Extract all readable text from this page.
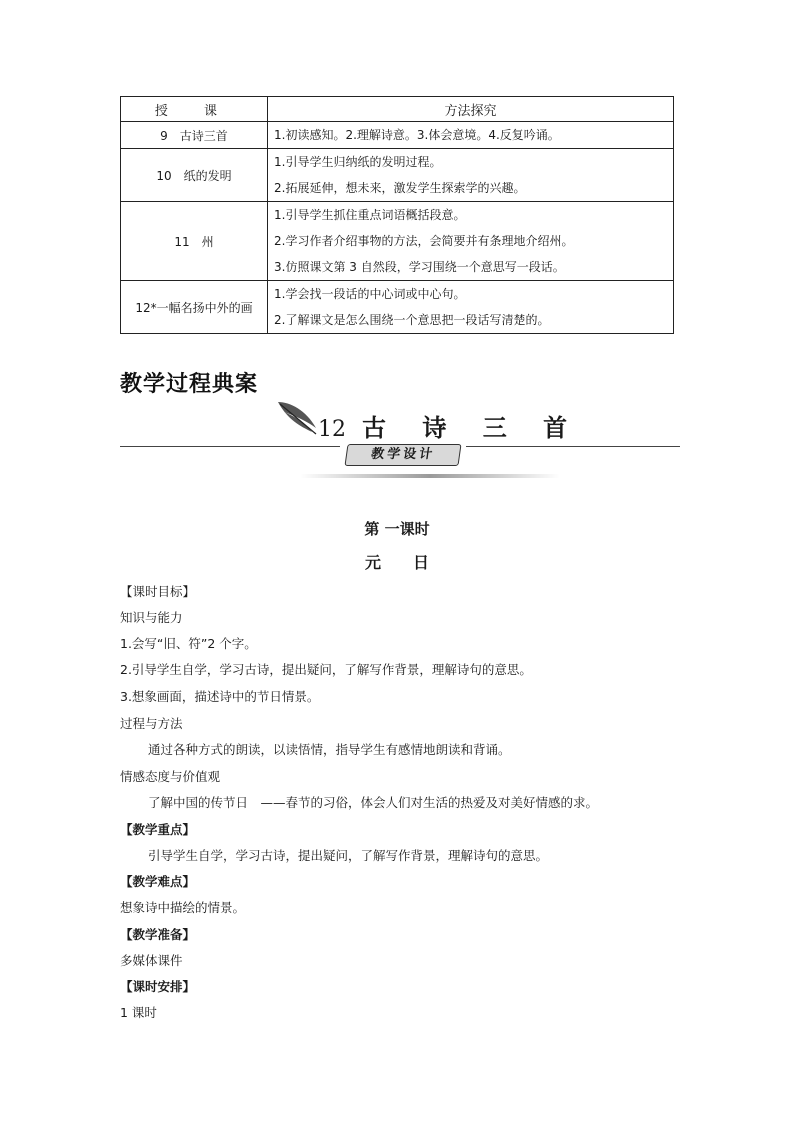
授 课	方法探究
9　古诗三首	1.初读感知。2.理解诗意。3.体会意境。4.反复吟诵。

10　纸的发明	1.引导学生归纳纸的发明过程。
2.拓展延伸，想未来，激发学生探索学的兴趣。

11　州	1.引导学生抓住重点词语概括段意。
2.学习作者介绍事物的方法，会简要并有条理地介绍州。
3.仿照课文第 3 自然段，学习围绕一个意思写一段话。

12*一幅名扬中外的画	1.学会找一段话的中心词或中心句。
2.了解课文是怎么围绕一个意思把一段话写清楚的。
教学过程典案
12 古 诗 三 首
教学设计
第 一课时
元　　日
【课时目标】
知识与能力
1.会写“旧、符”2 个字。
2.引导学生自学，学习古诗，提出疑问，了解写作背景，理解诗句的意思。
3.想象画面，描述诗中的节日情景。
过程与方法
通过各种方式的朗读，以读悟情，指导学生有感情地朗读和背诵。
情感态度与价值观
了解中国的传节日　——春节的习俗，体会人们对生活的热爱及对美好情感的求。
【教学重点】
引导学生自学，学习古诗，提出疑问，了解写作背景，理解诗句的意思。
【教学难点】
想象诗中描绘的情景。
【教学准备】
多媒体课件
【课时安排】
1 课时
